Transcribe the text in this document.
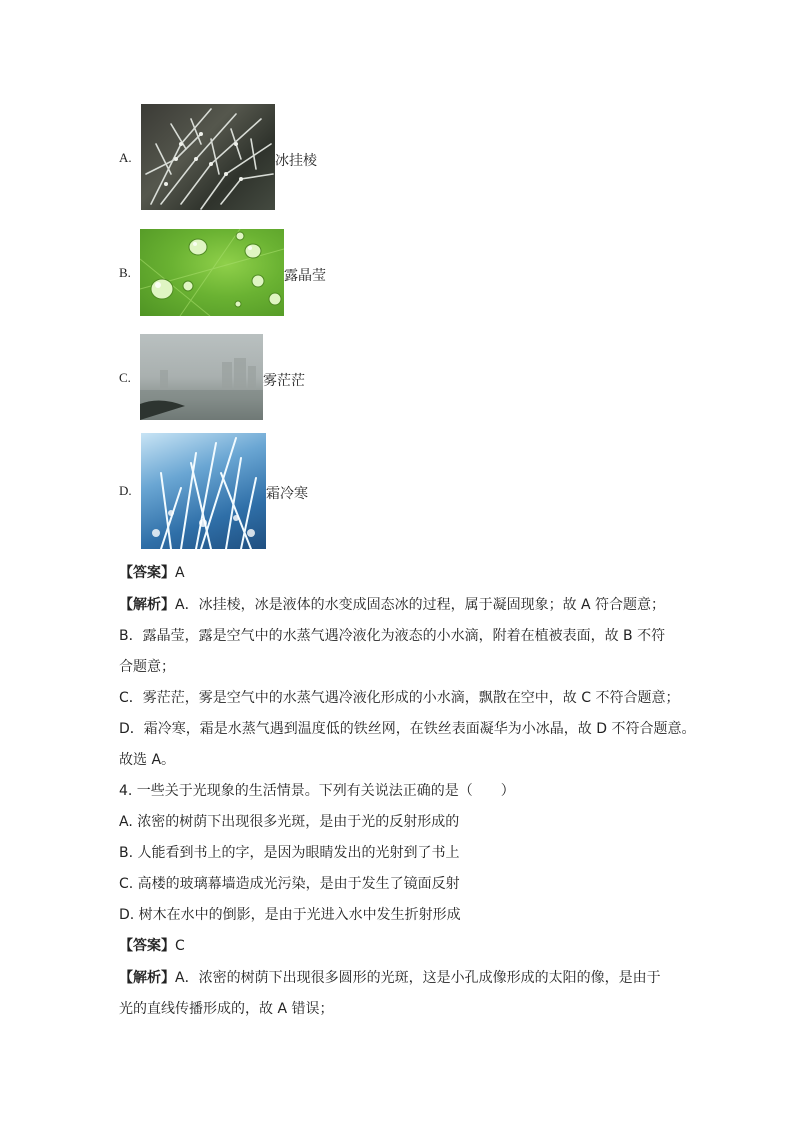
A.	冰挂棱
B.	露晶莹
C.	雾茫茫
D.	霜冷寒
【答案】A
【解析】A．冰挂棱，冰是液体的水变成固态冰的过程，属于凝固现象；故 A 符合题意；
B．露晶莹，露是空气中的水蒸气遇冷液化为液态的小水滴，附着在植被表面，故 B 不符
合题意；
C．雾茫茫，雾是空气中的水蒸气遇冷液化形成的小水滴，飘散在空中，故 C 不符合题意；
D．霜冷寒，霜是水蒸气遇到温度低的铁丝网，在铁丝表面凝华为小冰晶，故 D 不符合题意。
故选 A。
4. 一些关于光现象的生活情景。下列有关说法正确的是（　　）
A. 浓密的树荫下出现很多光斑，是由于光的反射形成的
B. 人能看到书上的字，是因为眼睛发出的光射到了书上
C. 高楼的玻璃幕墙造成光污染，是由于发生了镜面反射
D. 树木在水中的倒影，是由于光进入水中发生折射形成
【答案】C
【解析】A．浓密的树荫下出现很多圆形的光斑，这是小孔成像形成的太阳的像，是由于
光的直线传播形成的，故 A 错误；
